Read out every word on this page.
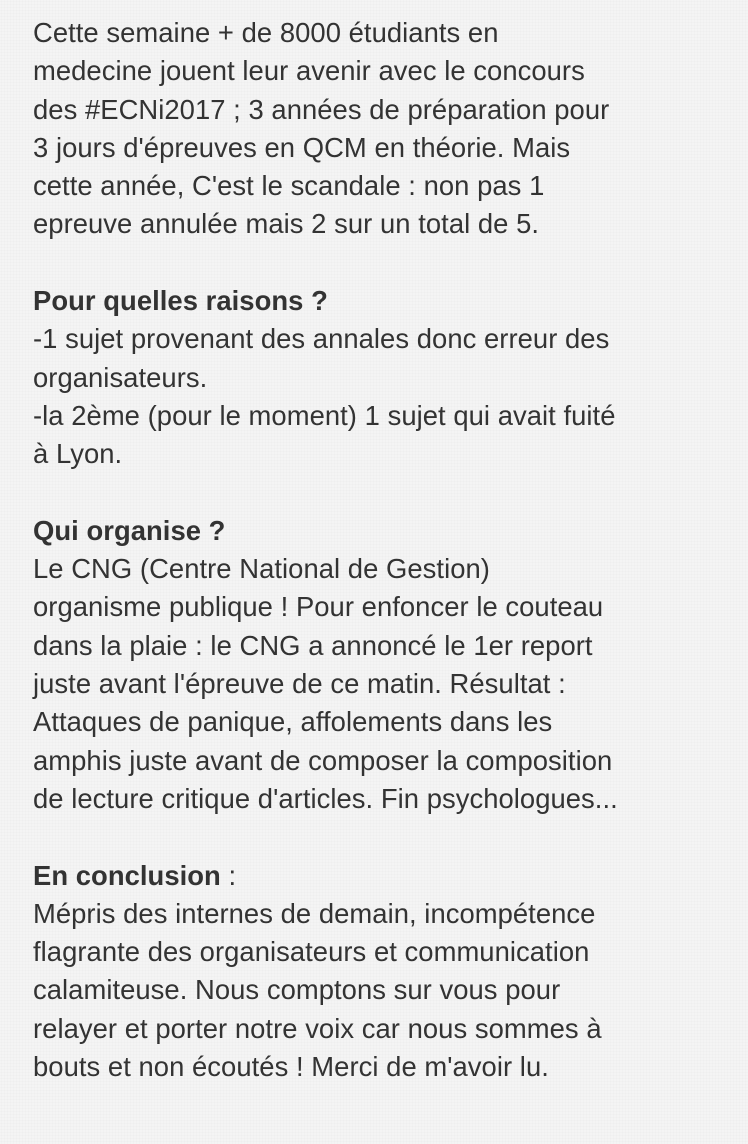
Cette semaine + de 8000 étudiants en
medecine jouent leur avenir avec le concours
des #ECNi2017 ; 3 années de préparation pour
3 jours d'épreuves en QCM en théorie. Mais
cette année, C'est le scandale : non pas 1
epreuve annulée mais 2 sur un total de 5.
Pour quelles raisons ?
-1 sujet provenant des annales donc erreur des
organisateurs.
-la 2ème (pour le moment) 1 sujet qui avait fuité
à Lyon.
Qui organise ?
Le CNG (Centre National de Gestion)
organisme publique ! Pour enfoncer le couteau
dans la plaie : le CNG a annoncé le 1er report
juste avant l'épreuve de ce matin. Résultat :
Attaques de panique, affolements dans les
amphis juste avant de composer la composition
de lecture critique d'articles. Fin psychologues...
En conclusion :
Mépris des internes de demain, incompétence
flagrante des organisateurs et communication
calamiteuse. Nous comptons sur vous pour
relayer et porter notre voix car nous sommes à
bouts et non écoutés ! Merci de m'avoir lu.
